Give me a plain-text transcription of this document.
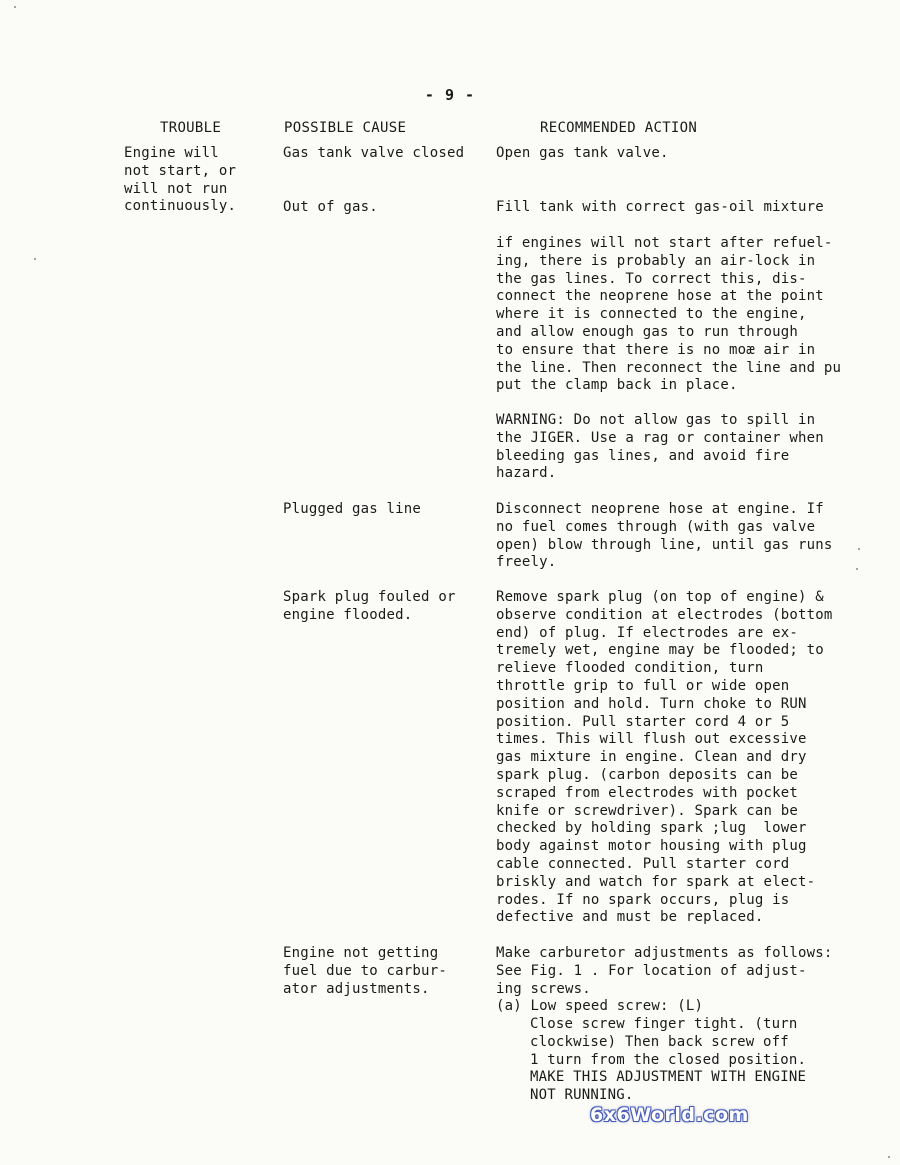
- 9 -
TROUBLE	POSSIBLE CAUSE	RECOMMENDED ACTION
Engine will
not start, or
will not run
continuously.
Gas tank valve closed
Out of gas.
Plugged gas line
Spark plug fouled or
engine flooded.
Engine not getting
fuel due to carbur-
ator adjustments.
Open gas tank valve.
Fill tank with correct gas-oil mixture
if engines will not start after refuel-
ing, there is probably an air-lock in
the gas lines. To correct this, dis-
connect the neoprene hose at the point
where it is connected to the engine,
and allow enough gas to run through
to ensure that there is no moæ air in
the line. Then reconnect the line and pu
put the clamp back in place.
WARNING: Do not allow gas to spill in
the JIGER. Use a rag or container when
bleeding gas lines, and avoid fire
hazard.
Disconnect neoprene hose at engine. If
no fuel comes through (with gas valve
open) blow through line, until gas runs
freely.
Remove spark plug (on top of engine) &
observe condition at electrodes (bottom
end) of plug. If electrodes are ex-
tremely wet, engine may be flooded; to
relieve flooded condition, turn
throttle grip to full or wide open
position and hold. Turn choke to RUN
position. Pull starter cord 4 or 5
times. This will flush out excessive
gas mixture in engine. Clean and dry
spark plug. (carbon deposits can be
scraped from electrodes with pocket
knife or screwdriver). Spark can be
checked by holding spark ;lug  lower
body against motor housing with plug
cable connected. Pull starter cord
briskly and watch for spark at elect-
rodes. If no spark occurs, plug is
defective and must be replaced.
Make carburetor adjustments as follows:
See Fig. 1 . For location of adjust-
ing screws.
(a) Low speed screw: (L)
Close screw finger tight. (turn
clockwise) Then back screw off
1 turn from the closed position.
MAKE THIS ADJUSTMENT WITH ENGINE
NOT RUNNING.
6x6World.com
